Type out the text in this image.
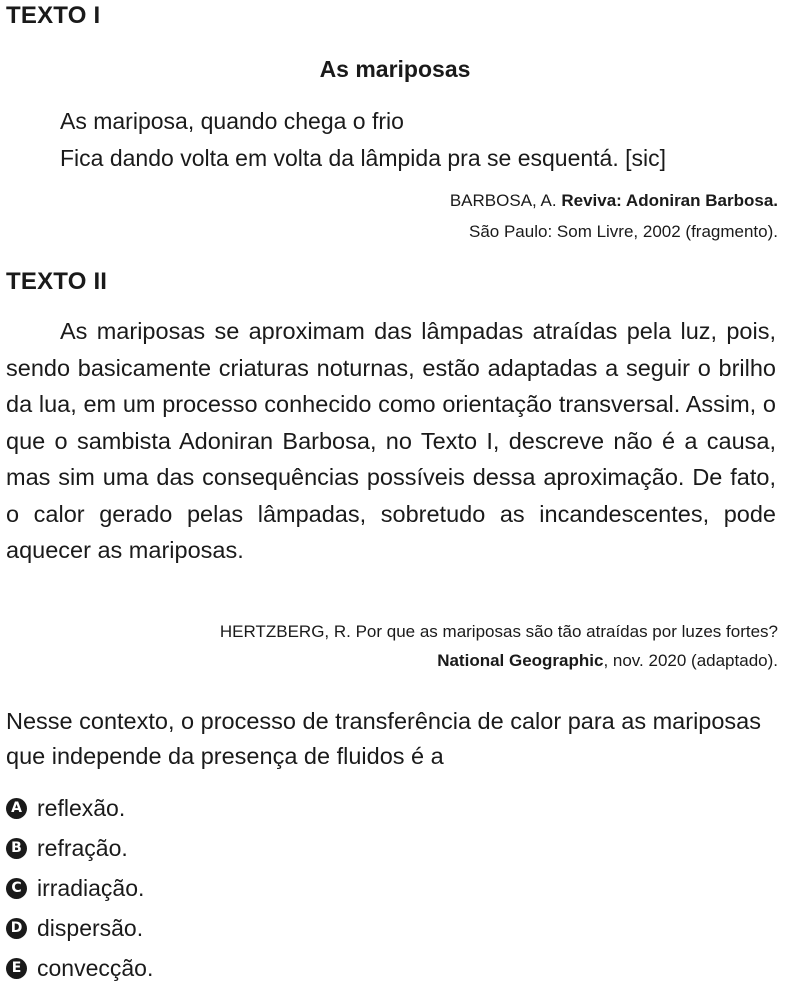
TEXTO I
As mariposas
As mariposa, quando chega o frio
Fica dando volta em volta da lâmpida pra se esquentá. [sic]
BARBOSA, A. Reviva: Adoniran Barbosa.
São Paulo: Som Livre, 2002 (fragmento).
TEXTO II
As mariposas se aproximam das lâmpadas atraídas pela luz, pois, sendo basicamente criaturas noturnas, estão adaptadas a seguir o brilho da lua, em um processo conhecido como orientação transversal. Assim, o que o sambista Adoniran Barbosa, no Texto I, descreve não é a causa, mas sim uma das consequências possíveis dessa aproximação. De fato, o calor gerado pelas lâmpadas, sobretudo as incandescentes, pode aquecer as mariposas.
HERTZBERG, R. Por que as mariposas são tão atraídas por luzes fortes?
National Geographic, nov. 2020 (adaptado).
Nesse contexto, o processo de transferência de calor para as mariposas que independe da presença de fluidos é a
A reflexão.
B refração.
C irradiação.
D dispersão.
E convecção.
